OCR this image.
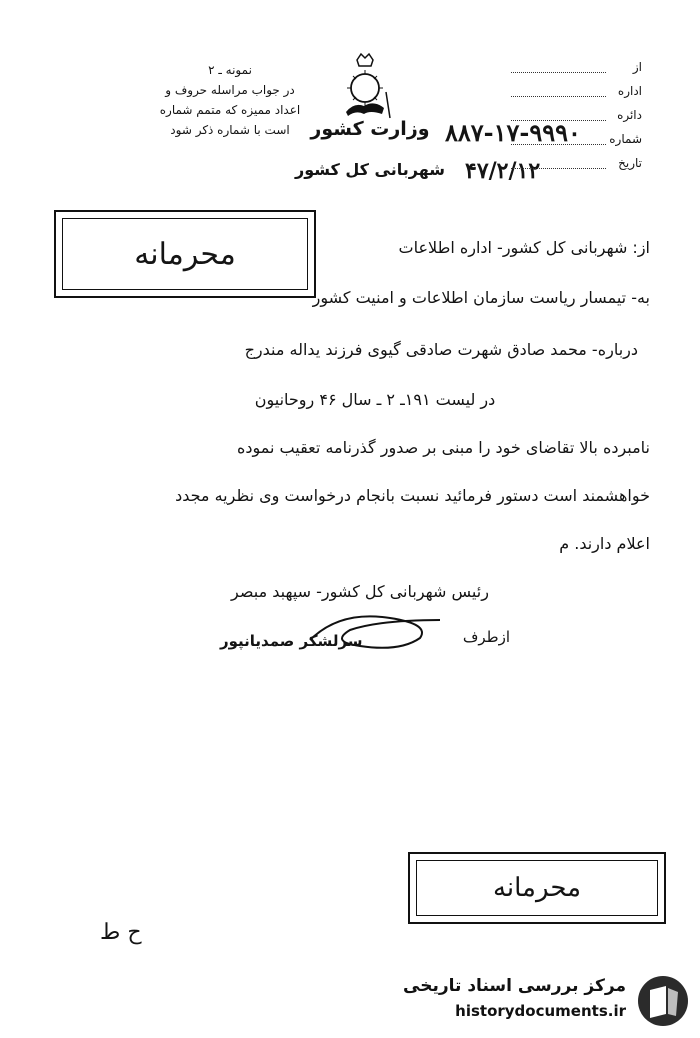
نمونه ـ ۲
در جواب مراسله حروف و
اعداد ممیزه که متمم شماره
است با شماره ذکر شود	وزارت کشور
شهربانی کل کشور
۸۸۷-۱۷-۹۹۹۰
۴۷/۲/۱۲
از
اداره
دائره
شماره
تاریخ
محرمانه	از: شهربانی کل کشور- اداره اطلاعات
به- تیمسار ریاست سازمان اطلاعات و امنیت کشور
درباره- محمد صادق شهرت صادقی گیوی فرزند یداله مندرج
در لیست ۱۹۱ـ ۲ ـ سال ۴۶ روحانیون
نامبرده بالا تقاضای خود را مبنی بر صدور گذرنامه تعقیب نموده
خواهشمند است دستور فرمائید نسبت بانجام درخواست وی نظریه مجدد
اعلام دارند. م
رئیس شهربانی کل کشور- سپهبد مبصر
ازطرف
سرلشکر صمدیانپور
محرمانه
ح ط
مرکز بررسی اسناد تاریخی
historydocuments.ir
